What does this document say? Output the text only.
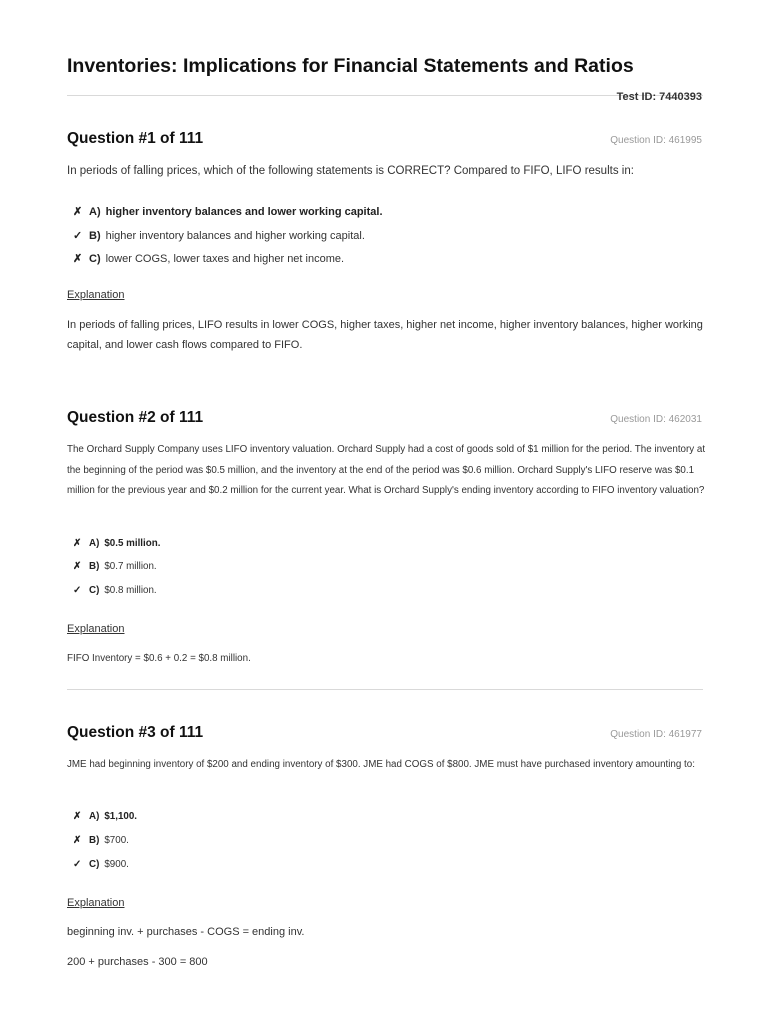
Inventories: Implications for Financial Statements and Ratios
Test ID: 7440393
Question #1 of 111	Question ID: 461995
In periods of falling prices, which of the following statements is CORRECT? Compared to FIFO, LIFO results in:
✗ A) higher inventory balances and lower working capital.
✓ B) higher inventory balances and higher working capital.
✗ C) lower COGS, lower taxes and higher net income.
Explanation
In periods of falling prices, LIFO results in lower COGS, higher taxes, higher net income, higher inventory balances, higher working capital, and lower cash flows compared to FIFO.
Question #2 of 111	Question ID: 462031
The Orchard Supply Company uses LIFO inventory valuation. Orchard Supply had a cost of goods sold of $1 million for the period. The inventory at the beginning of the period was $0.5 million, and the inventory at the end of the period was $0.6 million. Orchard Supply's LIFO reserve was $0.1 million for the previous year and $0.2 million for the current year. What is Orchard Supply's ending inventory according to FIFO inventory valuation?
✗ A) $0.5 million.
✗ B) $0.7 million.
✓ C) $0.8 million.
Explanation
FIFO Inventory = $0.6 + 0.2 = $0.8 million.
Question #3 of 111	Question ID: 461977
JME had beginning inventory of $200 and ending inventory of $300. JME had COGS of $800. JME must have purchased inventory amounting to:
✗ A) $1,100.
✗ B) $700.
✓ C) $900.
Explanation
beginning inv. + purchases - COGS = ending inv.
200 + purchases - 300 = 800
